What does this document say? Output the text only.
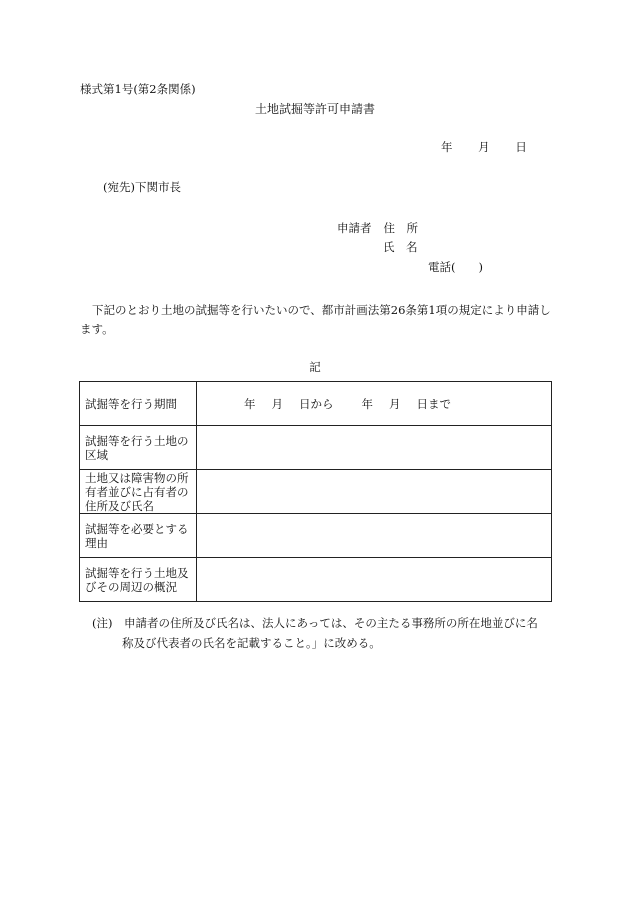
様式第1号(第2条関係)
土地試掘等許可申請書
年 月 日
(宛先)下関市長
申請者 住　所
氏　名
電話(　　)
下記のとおり土地の試掘等を行いたいので、都市計画法第26条第1項の規定により申請します。
記
試掘等を行う期間	年 月 日から 年 月 日まで

試掘等を行う土地の区域	
土地又は障害物の所有者並びに占有者の住所及び氏名	
試掘等を必要とする理由	
試掘等を行う土地及びその周辺の概況	
(注)　申請者の住所及び氏名は、法人にあっては、その主たる事務所の所在地並びに名
称及び代表者の氏名を記載すること。」に改める。
